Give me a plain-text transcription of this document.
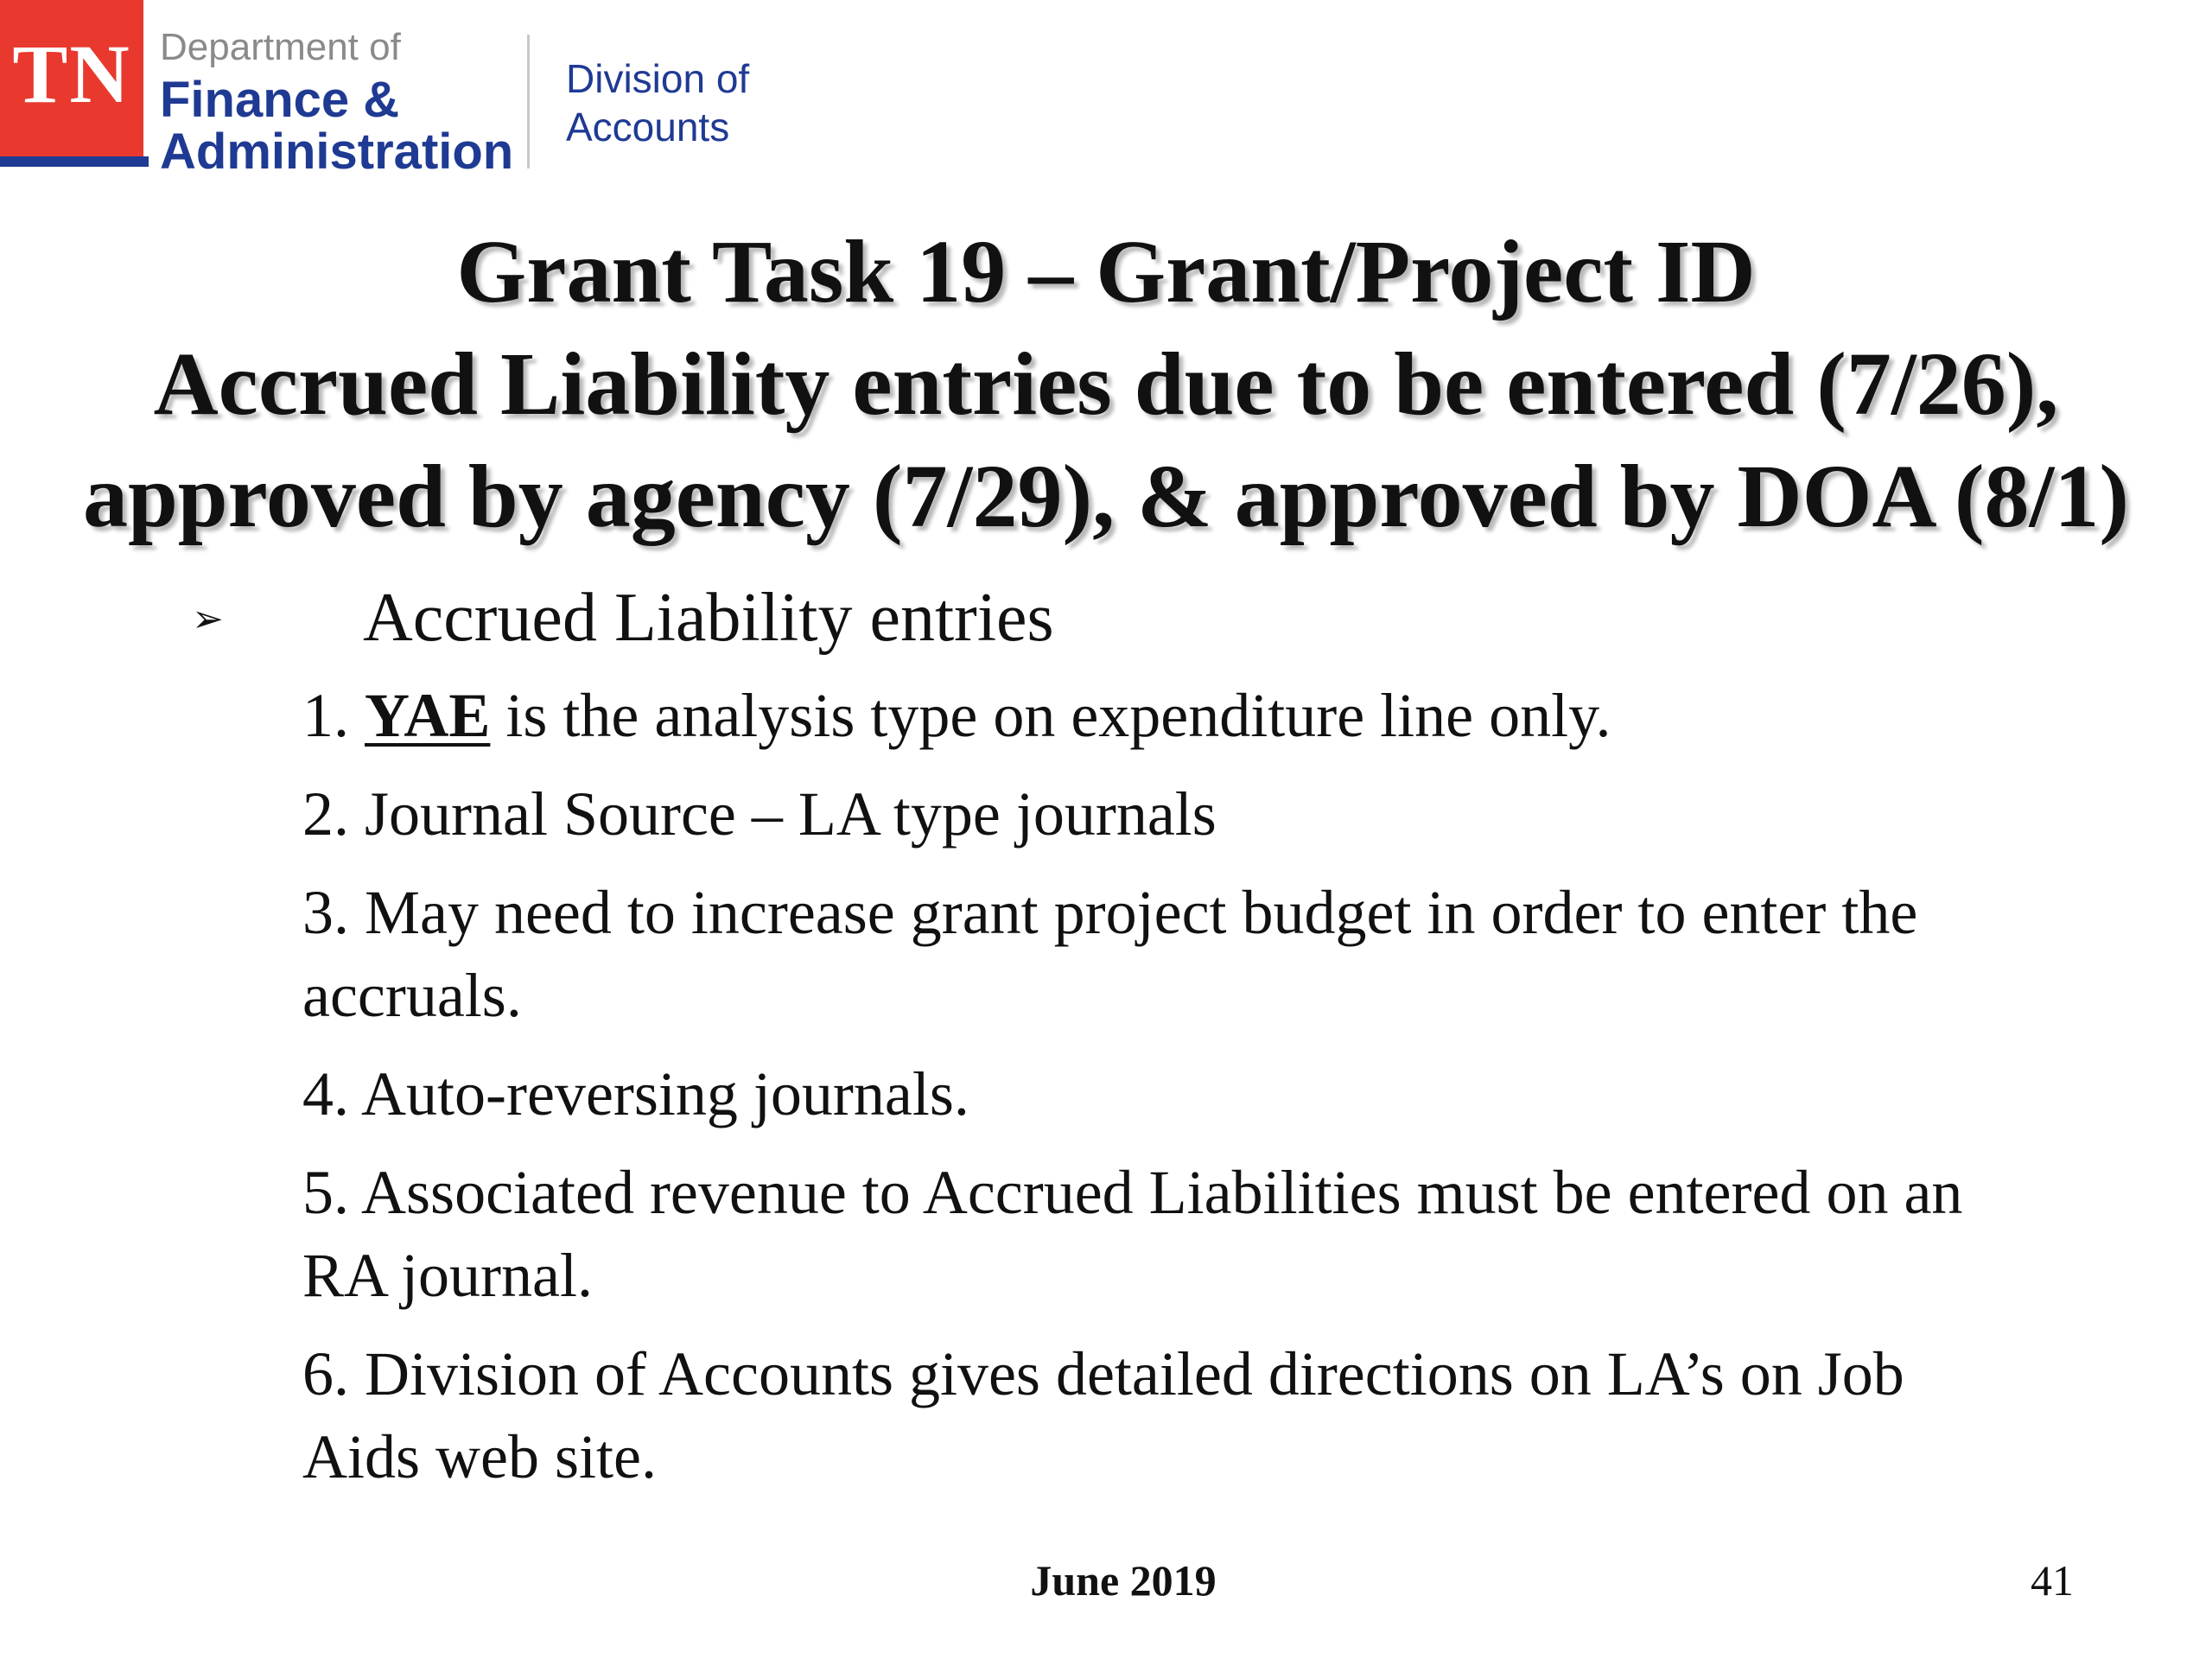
TN Department of
Finance &
Administration
Division of
Accounts
Grant Task 19 – Grant/Project ID
Accrued Liability entries due to be entered (7/26),
approved by agency (7/29), & approved by DOA (8/1)
➢ Accrued Liability entries
1. YAE is the analysis type on expenditure line only.
2. Journal Source – LA type journals
3. May need to increase grant project budget in order to enter the accruals.
4. Auto-reversing journals.
5. Associated revenue to Accrued Liabilities must be entered on an RA journal.
6. Division of Accounts gives detailed directions on LA’s on Job Aids web site.
June 2019	41
